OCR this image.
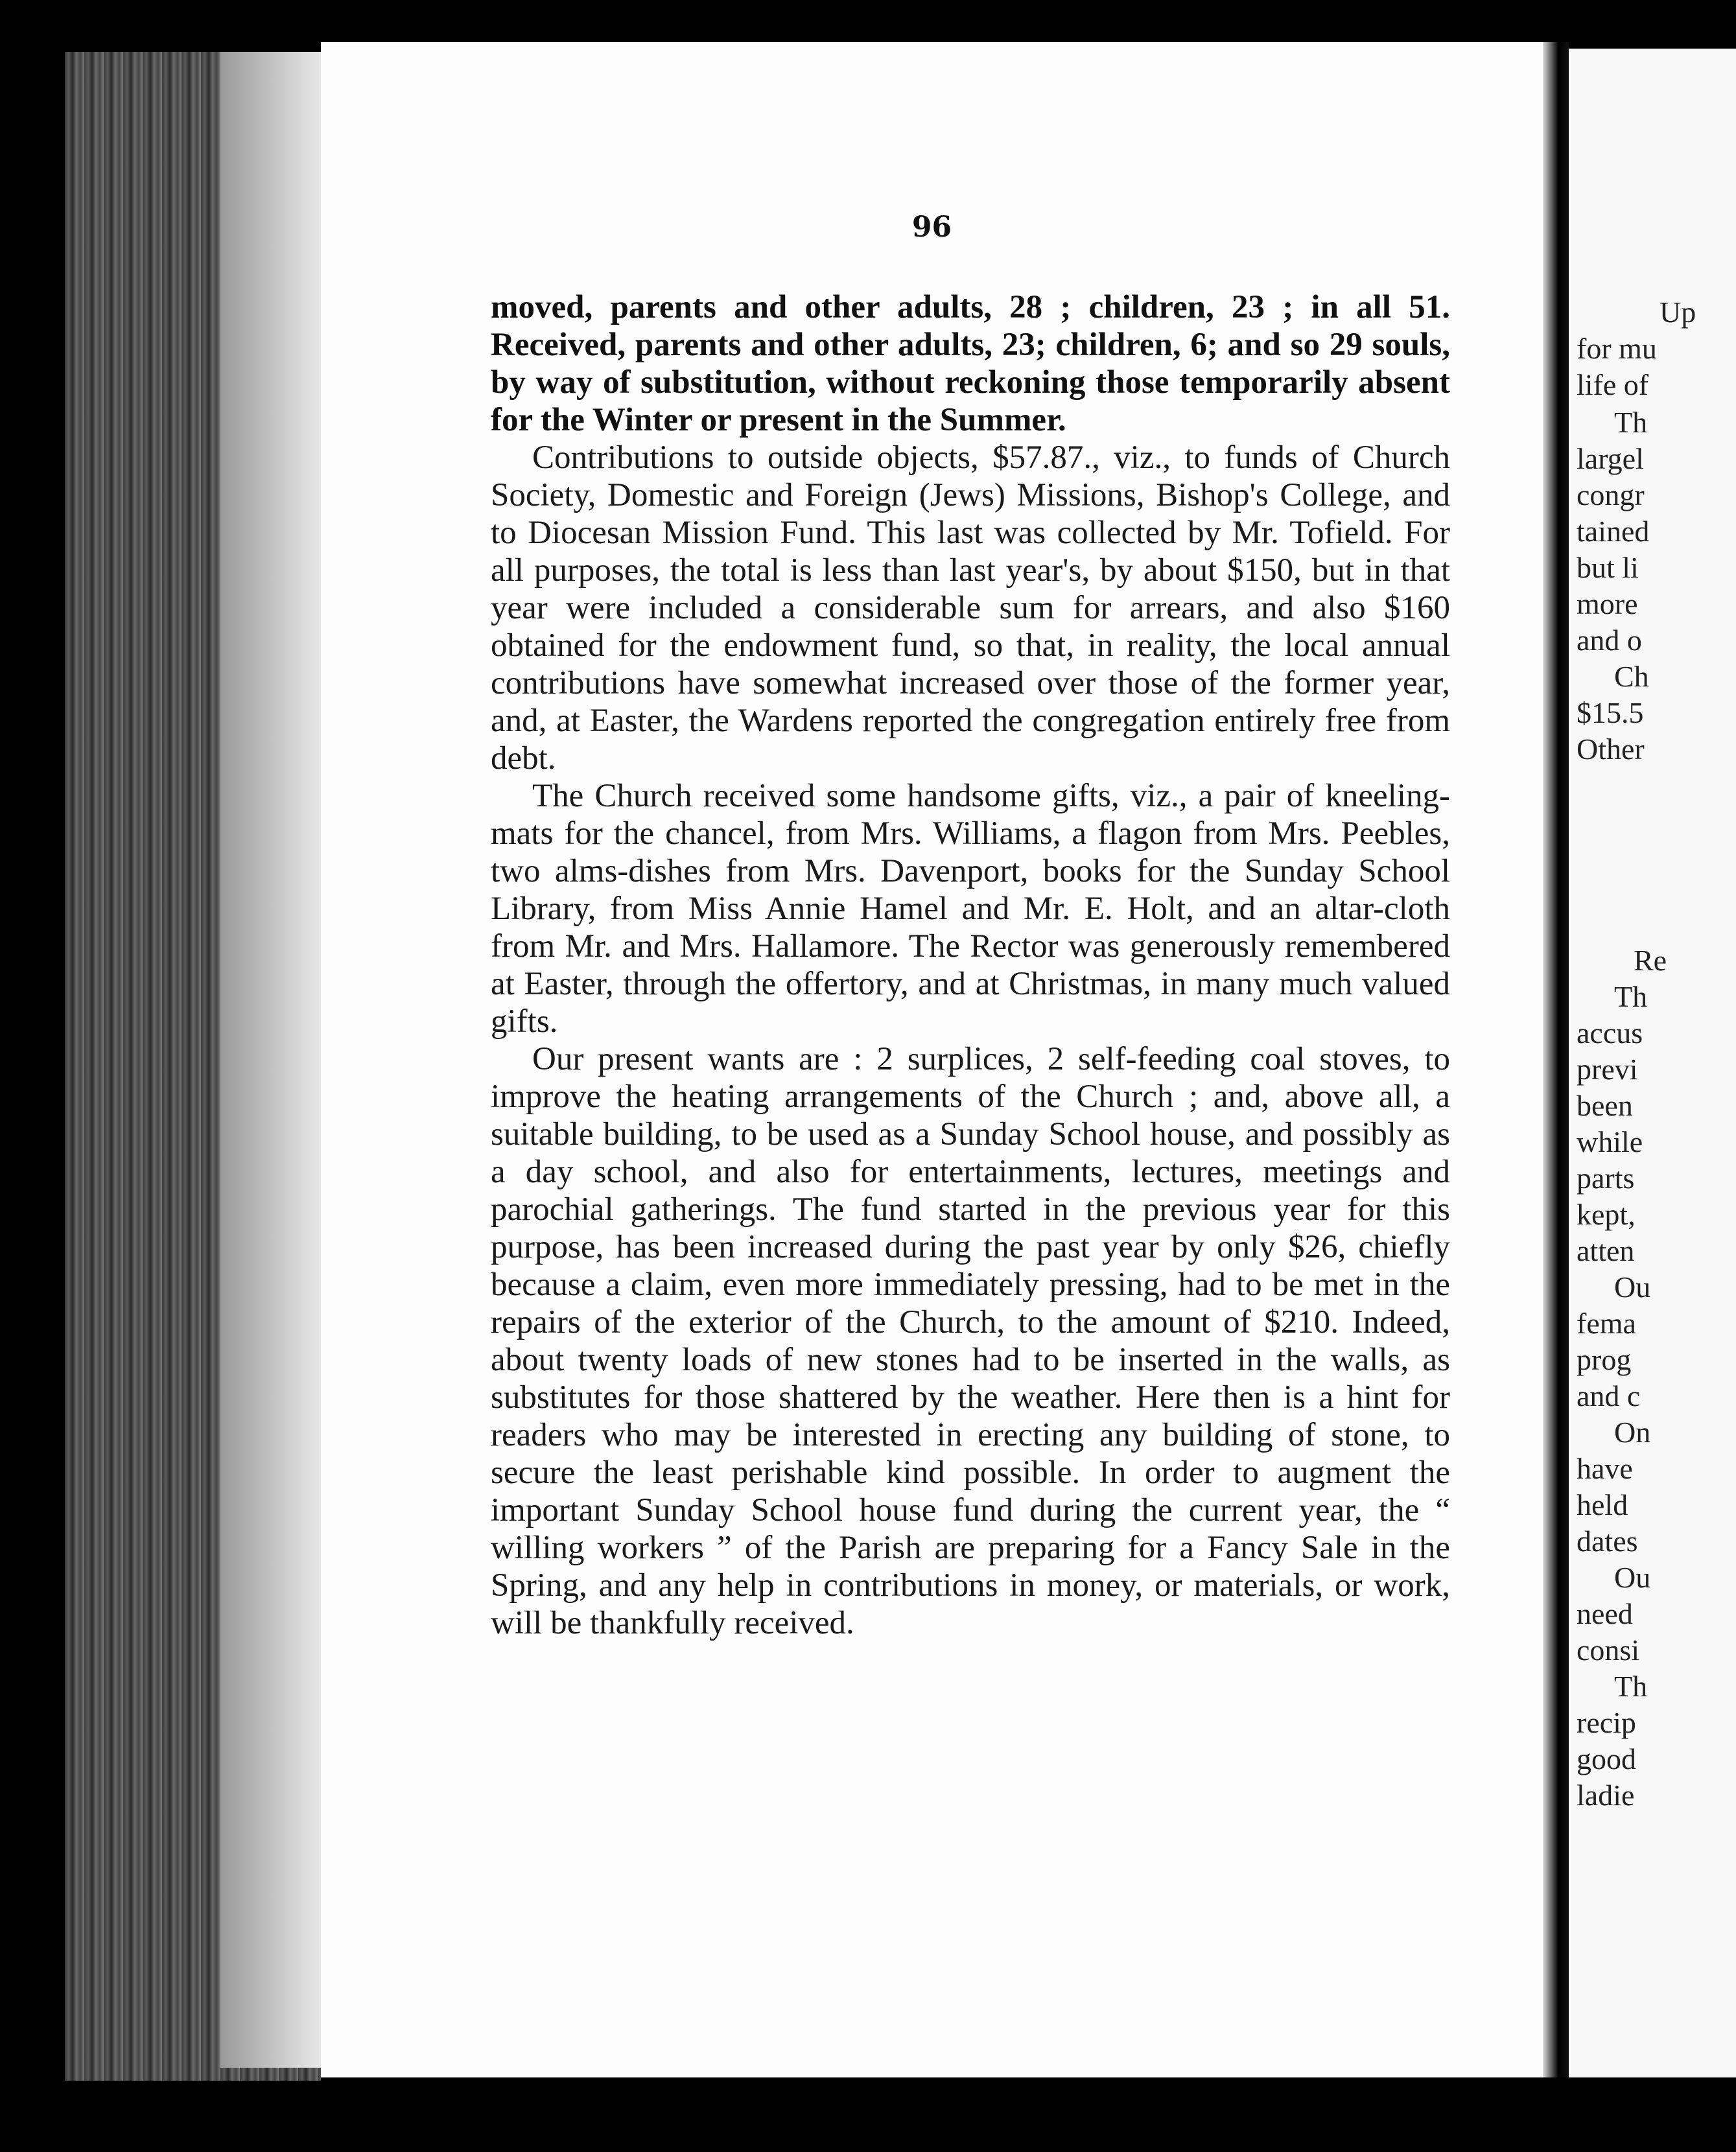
96

moved, parents and other adults, 28 ; children, 23 ; in all 51. Received, parents and other adults, 23; children, 6; and so 29 souls, by way of substitution, without reckoning those temporarily absent for the Winter or present in the Summer.

Contributions to outside objects, $57.87., viz., to funds of Church Society, Domestic and Foreign (Jews) Missions, Bishop's College, and to Diocesan Mission Fund. This last was collected by Mr. Tofield. For all purposes, the total is less than last year's, by about $150, but in that year were included a considerable sum for arrears, and also $160 obtained for the endowment fund, so that, in reality, the local annual contributions have somewhat increased over those of the former year, and, at Easter, the Wardens reported the congregation entirely free from debt.

The Church received some handsome gifts, viz., a pair of kneeling-mats for the chancel, from Mrs. Williams, a flagon from Mrs. Peebles, two alms-dishes from Mrs. Davenport, books for the Sunday School Library, from Miss Annie Hamel and Mr. E. Holt, and an altar-cloth from Mr. and Mrs. Hallamore. The Rector was generously remembered at Easter, through the offertory, and at Christmas, in many much valued gifts.

Our present wants are : 2 surplices, 2 self-feeding coal stoves, to improve the heating arrangements of the Church ; and, above all, a suitable building, to be used as a Sunday School house, and possibly as a day school, and also for entertainments, lectures, meetings and parochial gatherings. The fund started in the previous year for this purpose, has been increased during the past year by only $26, chiefly because a claim, even more immediately pressing, had to be met in the repairs of the exterior of the Church, to the amount of $210. Indeed, about twenty loads of new stones had to be inserted in the walls, as substitutes for those shattered by the weather. Here then is a hint for readers who may be interested in erecting any building of stone, to secure the least perishable kind possible. In order to augment the important Sunday School house fund during the current year, the “ willing workers ” of the Parish are preparing for a Fancy Sale in the Spring, and any help in contributions in money, or materials, or work, will be thankfully received.

Up
for mu
life of
Th
largel
congr
tained
but li
more
and o
Ch
$15.5
Other
Re
Th
accus
previ
been
while
parts
kept,
atten
Ou
fema
prog
and c
On
have
held
dates
Ou
need
consi
Th
recip
good
ladie
